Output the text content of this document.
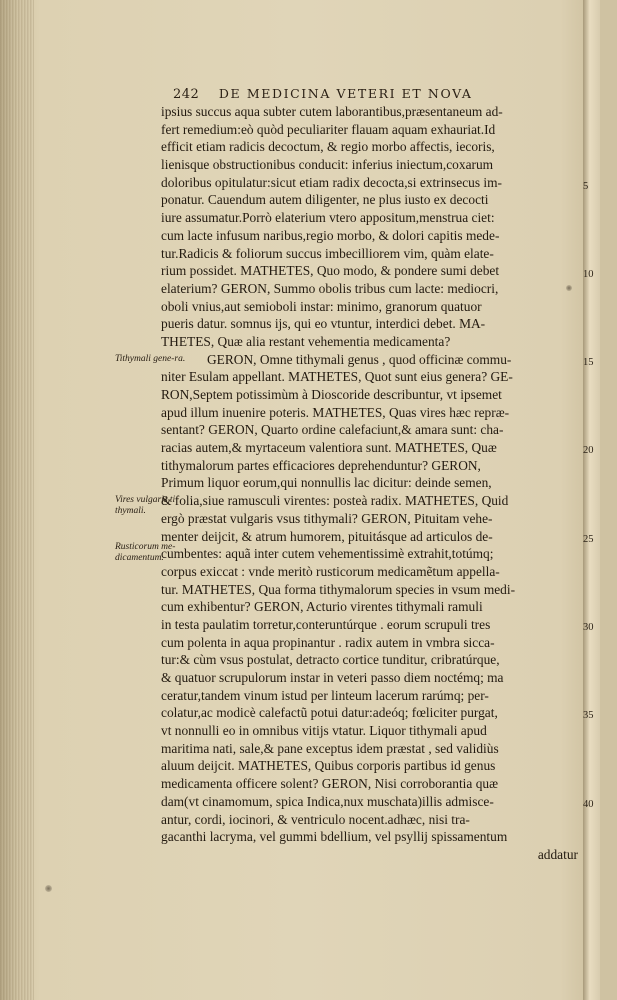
242 DE MEDICINA VETERI ET NOVA
ipsius succus aqua subter cutem laborantibus,præsentaneum ad-
fert remedium:eò quòd peculiariter flauam aquam exhauriat.Id
efficit etiam radicis decoctum, & regio morbo affectis, iecoris,
lienisque obstructionibus conducit: inferius iniectum,coxarum
doloribus opitulatur:sicut etiam radix decocta,si extrinsecus im-
ponatur. Cauendum autem diligenter, ne plus iusto ex decocti
iure assumatur.Porrò elaterium vtero appositum,menstrua ciet:
cum lacte infusum naribus,regio morbo, & dolori capitis mede-
tur.Radicis & foliorum succus imbecilliorem vim, quàm elate-
rium possidet. MATHETES, Quo modo, & pondere sumi debet
elaterium? GERON, Summo obolis tribus cum lacte: mediocri,
oboli vnius,aut semioboli instar: minimo, granorum quatuor
pueris datur. somnus ijs, qui eo vtuntur, interdici debet. MA-
THETES, Quæ alia restant vehementia medicamenta?
GERON, Omne tithymali genus , quod officinæ commu-
niter Esulam appellant. MATHETES, Quot sunt eius genera? GE-
RON,Septem potissimùm à Dioscoride describuntur, vt ipsemet
apud illum inuenire poteris. MATHETES, Quas vires hæc repræ-
sentant? GERON, Quarto ordine calefaciunt,& amara sunt: cha-
racias autem,& myrtaceum valentiora sunt. MATHETES, Quæ
tithymalorum partes efficaciores deprehenduntur? GERON,
Primum liquor eorum,qui nonnullis lac dicitur: deinde semen,
& folia,siue ramusculi virentes: posteà radix. MATHETES, Quid
ergò præstat vulgaris vsus tithymali? GERON, Pituitam vehe-
menter deijcit, & atrum humorem, pituitásque ad articulos de-
cumbentes: aquã inter cutem vehementissimè extrahit,totúmq;
corpus exiccat : vnde meritò rusticorum medicamẽtum appella-
tur. MATHETES, Qua forma tithymalorum species in vsum medi-
cum exhibentur? GERON, Acturio virentes tithymali ramuli
in testa paulatim torretur,conteruntúrque . eorum scrupuli tres
cum polenta in aqua propinantur . radix autem in vmbra sicca-
tur:& cùm vsus postulat, detracto cortice tunditur, cribratúrque,
& quatuor scrupulorum instar in veteri passo diem noctémq; ma
ceratur,tandem vinum istud per linteum lacerum rarúmq; per-
colatur,ac modicè calefactũ potui datur:adeóq; fœliciter purgat,
vt nonnulli eo in omnibus vitijs vtatur. Liquor tithymali apud
maritima nati, sale,& pane exceptus idem præstat , sed validiùs
aluum deijcit. MATHETES, Quibus corporis partibus id genus
medicamenta officere solent? GERON, Nisi corroborantia quæ
dam(vt cinamomum, spica Indica,nux muschata)illis admisce-
antur, cordi, iocinori, & ventriculo nocent.adhæc, nisi tra-
gacanthi lacryma, vel gummi bdellium, vel psyllij spissamentum
addatur
5
10
15
20
25
30
35
40
Tithymali gene-ra.
Vires vulgaris ti thymali.
Rusticorum me-dicamentum.
